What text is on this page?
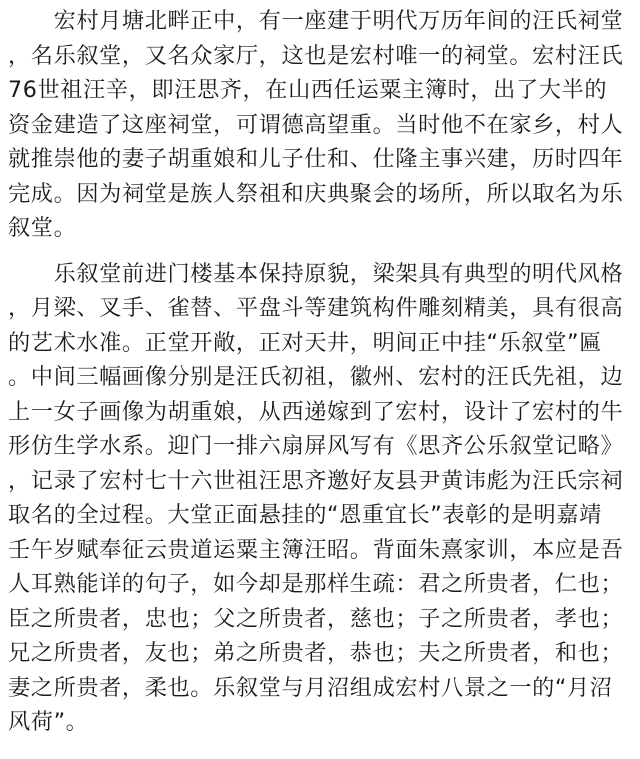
　　宏村月塘北畔正中，有一座建于明代万历年间的汪氏祠堂
，名乐叙堂，又名众家厅，这也是宏村唯一的祠堂。宏村汪氏
76世祖汪辛，即汪思齐，在山西任运粟主簿时，出了大半的
资金建造了这座祠堂，可谓德高望重。当时他不在家乡，村人
就推崇他的妻子胡重娘和儿子仕和、仕隆主事兴建，历时四年
完成。因为祠堂是族人祭祖和庆典聚会的场所，所以取名为乐
叙堂。
　　乐叙堂前进门楼基本保持原貌，梁架具有典型的明代风格
，月梁、叉手、雀替、平盘斗等建筑构件雕刻精美，具有很高
的艺术水准。正堂开敞，正对天井，明间正中挂“乐叙堂”匾
。中间三幅画像分别是汪氏初祖，徽州、宏村的汪氏先祖，边
上一女子画像为胡重娘，从西递嫁到了宏村，设计了宏村的牛
形仿生学水系。迎门一排六扇屏风写有《思齐公乐叙堂记略》
，记录了宏村七十六世祖汪思齐邀好友县尹黄讳彪为汪氏宗祠
取名的全过程。大堂正面悬挂的“恩重宜长”表彰的是明嘉靖
壬午岁赋奉征云贵道运粟主簿汪昭。背面朱熹家训，本应是吾
人耳熟能详的句子，如今却是那样生疏：君之所贵者，仁也；
臣之所贵者，忠也；父之所贵者，慈也；子之所贵者，孝也；
兄之所贵者，友也；弟之所贵者，恭也；夫之所贵者，和也；
妻之所贵者，柔也。乐叙堂与月沼组成宏村八景之一的“月沼
风荷”。
